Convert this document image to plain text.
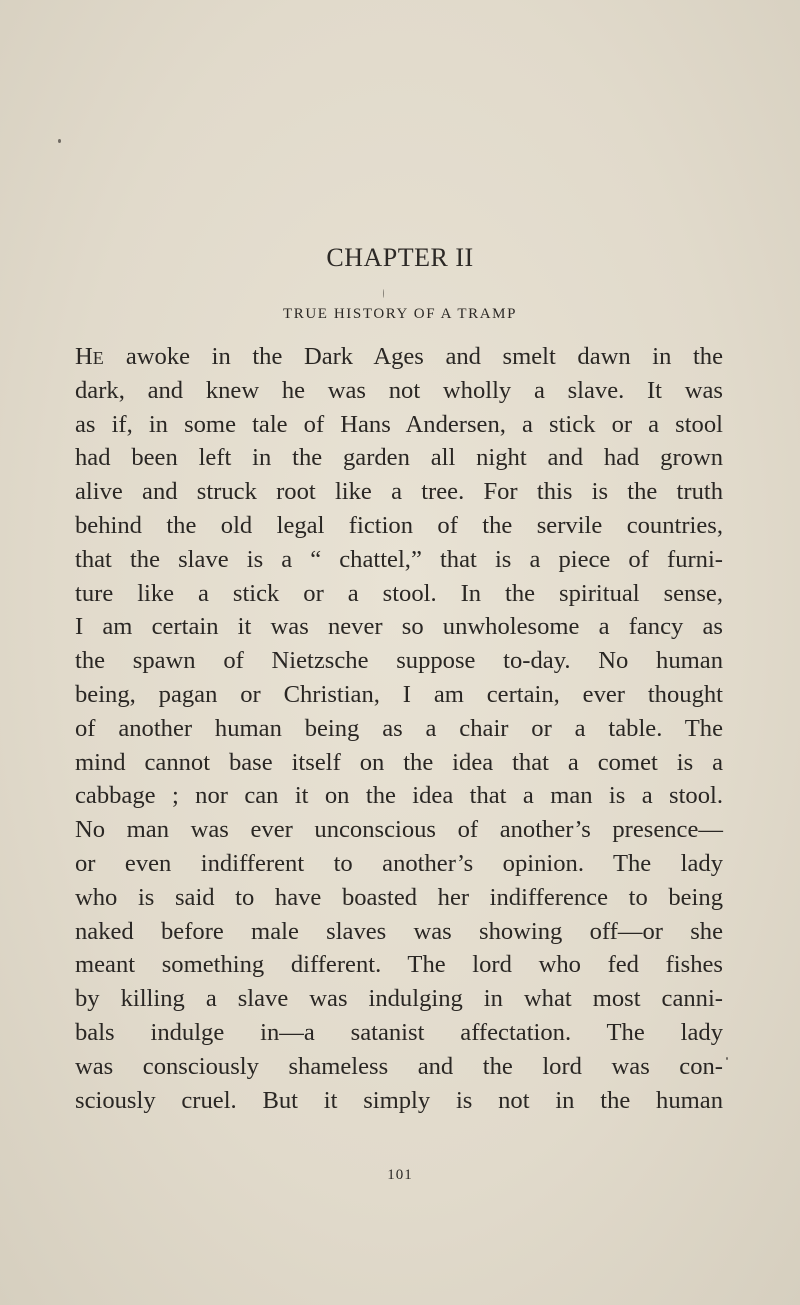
CHAPTER II
TRUE HISTORY OF A TRAMP
HE awoke in the Dark Ages and smelt dawn in the
dark, and knew he was not wholly a slave. It was
as if, in some tale of Hans Andersen, a stick or a stool
had been left in the garden all night and had grown
alive and struck root like a tree. For this is the truth
behind the old legal fiction of the servile countries,
that the slave is a “ chattel,” that is a piece of furni-
ture like a stick or a stool. In the spiritual sense,
I am certain it was never so unwholesome a fancy as
the spawn of Nietzsche suppose to-day. No human
being, pagan or Christian, I am certain, ever thought
of another human being as a chair or a table. The
mind cannot base itself on the idea that a comet is a
cabbage ; nor can it on the idea that a man is a stool.
No man was ever unconscious of another’s presence—
or even indifferent to another’s opinion. The lady
who is said to have boasted her indifference to being
naked before male slaves was showing off—or she
meant something different. The lord who fed fishes
by killing a slave was indulging in what most canni-
bals indulge in—a satanist affectation. The lady
was consciously shameless and the lord was con-
sciously cruel. But it simply is not in the human
101
